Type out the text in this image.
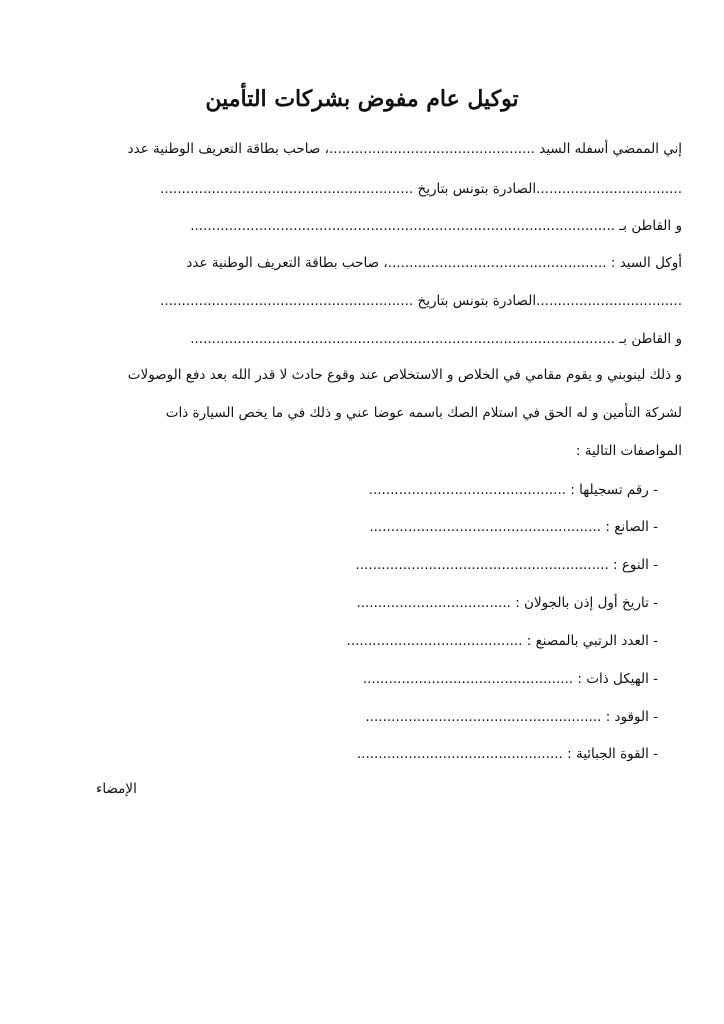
توكيل عام مفوض بشركات التأمين
إني الممضي أسفله السيد ................................................، صاحب بطاقة التعريف الوطنية عدد
..................................الصادرة بتونس بتاريخ ...........................................................
و القاطن بـ ...................................................................................................
أوكل السيد : ...................................................، صاحب بطاقة التعريف الوطنية عدد
..................................الصادرة بتونس بتاريخ ...........................................................
و القاطن بـ ...................................................................................................
و ذلك لينوبني و يقوم مقامي في الخلاص و الاستخلاص عند وقوع حادث لا قدر الله بعد دفع الوصولات
لشركة التأمين و له الحق في استلام الصك باسمه عوضا عني و ذلك في ما يخص السيارة ذات
المواصفات التالية :
- رقم تسجيلها : ..............................................
- الصانع : ......................................................
- النوع : ...........................................................
- تاريخ أول إذن بالجولان : ....................................
- العدد الرتبي بالمصنع : .........................................
- الهيكل ذات : .................................................
- الوقود : .......................................................
- القوة الجبائية : ................................................
الإمضاء
